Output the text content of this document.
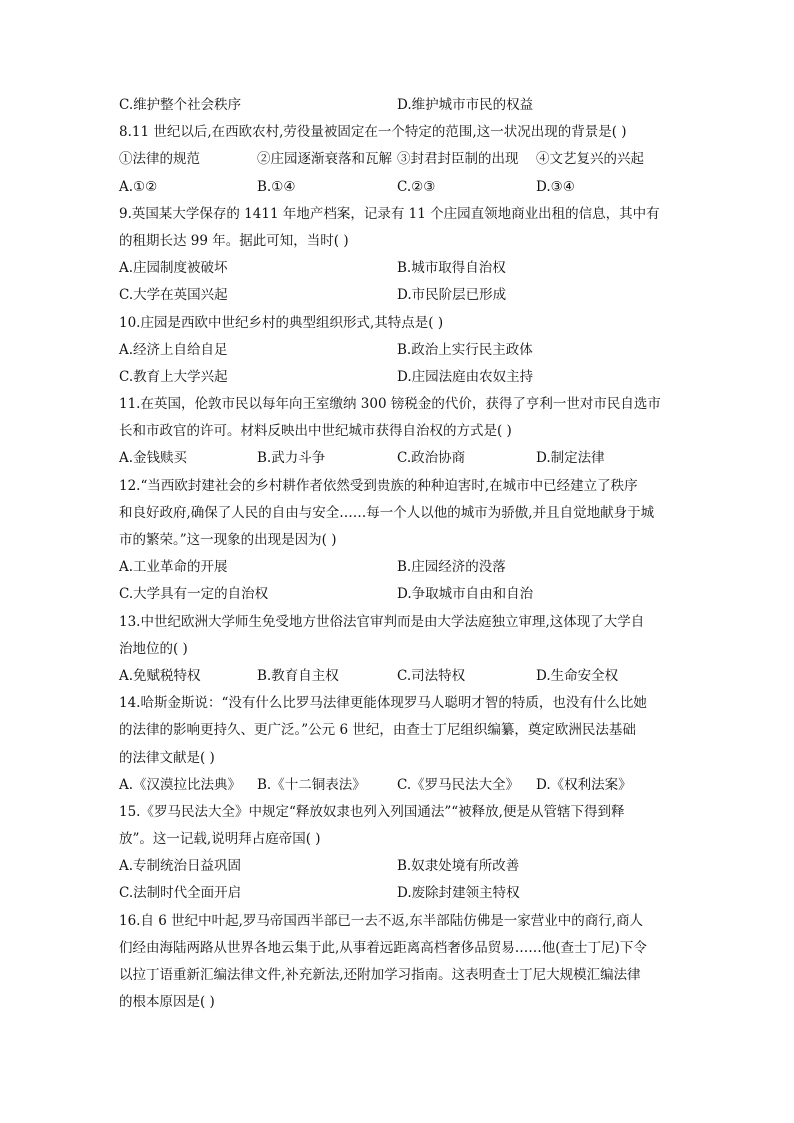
C.维护整个社会秩序	D.维护城市市民的权益
8.11 世纪以后,在西欧农村,劳役量被固定在一个特定的范围,这一状况出现的背景是( )
①法律的规范	②庄园逐渐衰落和瓦解 ③封君封臣制的出现	④文艺复兴的兴起
A.①②	B.①④	C.②③	D.③④
9.英国某大学保存的 1411 年地产档案，记录有 11 个庄园直领地商业出租的信息，其中有
的租期长达 99 年。据此可知，当时( )
A.庄园制度被破坏	B.城市取得自治权
C.大学在英国兴起	D.市民阶层已形成
10.庄园是西欧中世纪乡村的典型组织形式,其特点是( )
A.经济上自给自足	B.政治上实行民主政体
C.教育上大学兴起	D.庄园法庭由农奴主持
11.在英国，伦敦市民以每年向王室缴纳 300 镑税金的代价，获得了亨利一世对市民自选市
长和市政官的许可。材料反映出中世纪城市获得自治权的方式是( )
A.金钱赎买	B.武力斗争	C.政治协商	D.制定法律
12.“当西欧封建社会的乡村耕作者依然受到贵族的种种迫害时,在城市中已经建立了秩序
和良好政府,确保了人民的自由与安全……每一个人以他的城市为骄傲,并且自觉地献身于城
市的繁荣。”这一现象的出现是因为( )
A.工业革命的开展	B.庄园经济的没落
C.大学具有一定的自治权	D.争取城市自由和自治
13.中世纪欧洲大学师生免受地方世俗法官审判而是由大学法庭独立审理,这体现了大学自
治地位的( )
A.免赋税特权	B.教育自主权	C.司法特权	D.生命安全权
14.哈斯金斯说：“没有什么比罗马法律更能体现罗马人聪明才智的特质，也没有什么比她
的法律的影响更持久、更广泛。”公元 6 世纪，由查士丁尼组织编纂，奠定欧洲民法基础
的法律文献是( )
A.《汉漠拉比法典》	B.《十二铜表法》	C.《罗马民法大全》	D.《权利法案》
15.《罗马民法大全》中规定“释放奴隶也列入列国通法”“被释放,便是从管辖下得到释
放”。这一记载,说明拜占庭帝国( )
A.专制统治日益巩固	B.奴隶处境有所改善
C.法制时代全面开启	D.废除封建领主特权
16.自 6 世纪中叶起,罗马帝国西半部已一去不返,东半部陆仿佛是一家营业中的商行,商人
们经由海陆两路从世界各地云集于此,从事着远距离高档奢侈品贸易……他(查士丁尼)下令
以拉丁语重新汇编法律文件,补充新法,还附加学习指南。这表明查士丁尼大规模汇编法律
的根本原因是( )
